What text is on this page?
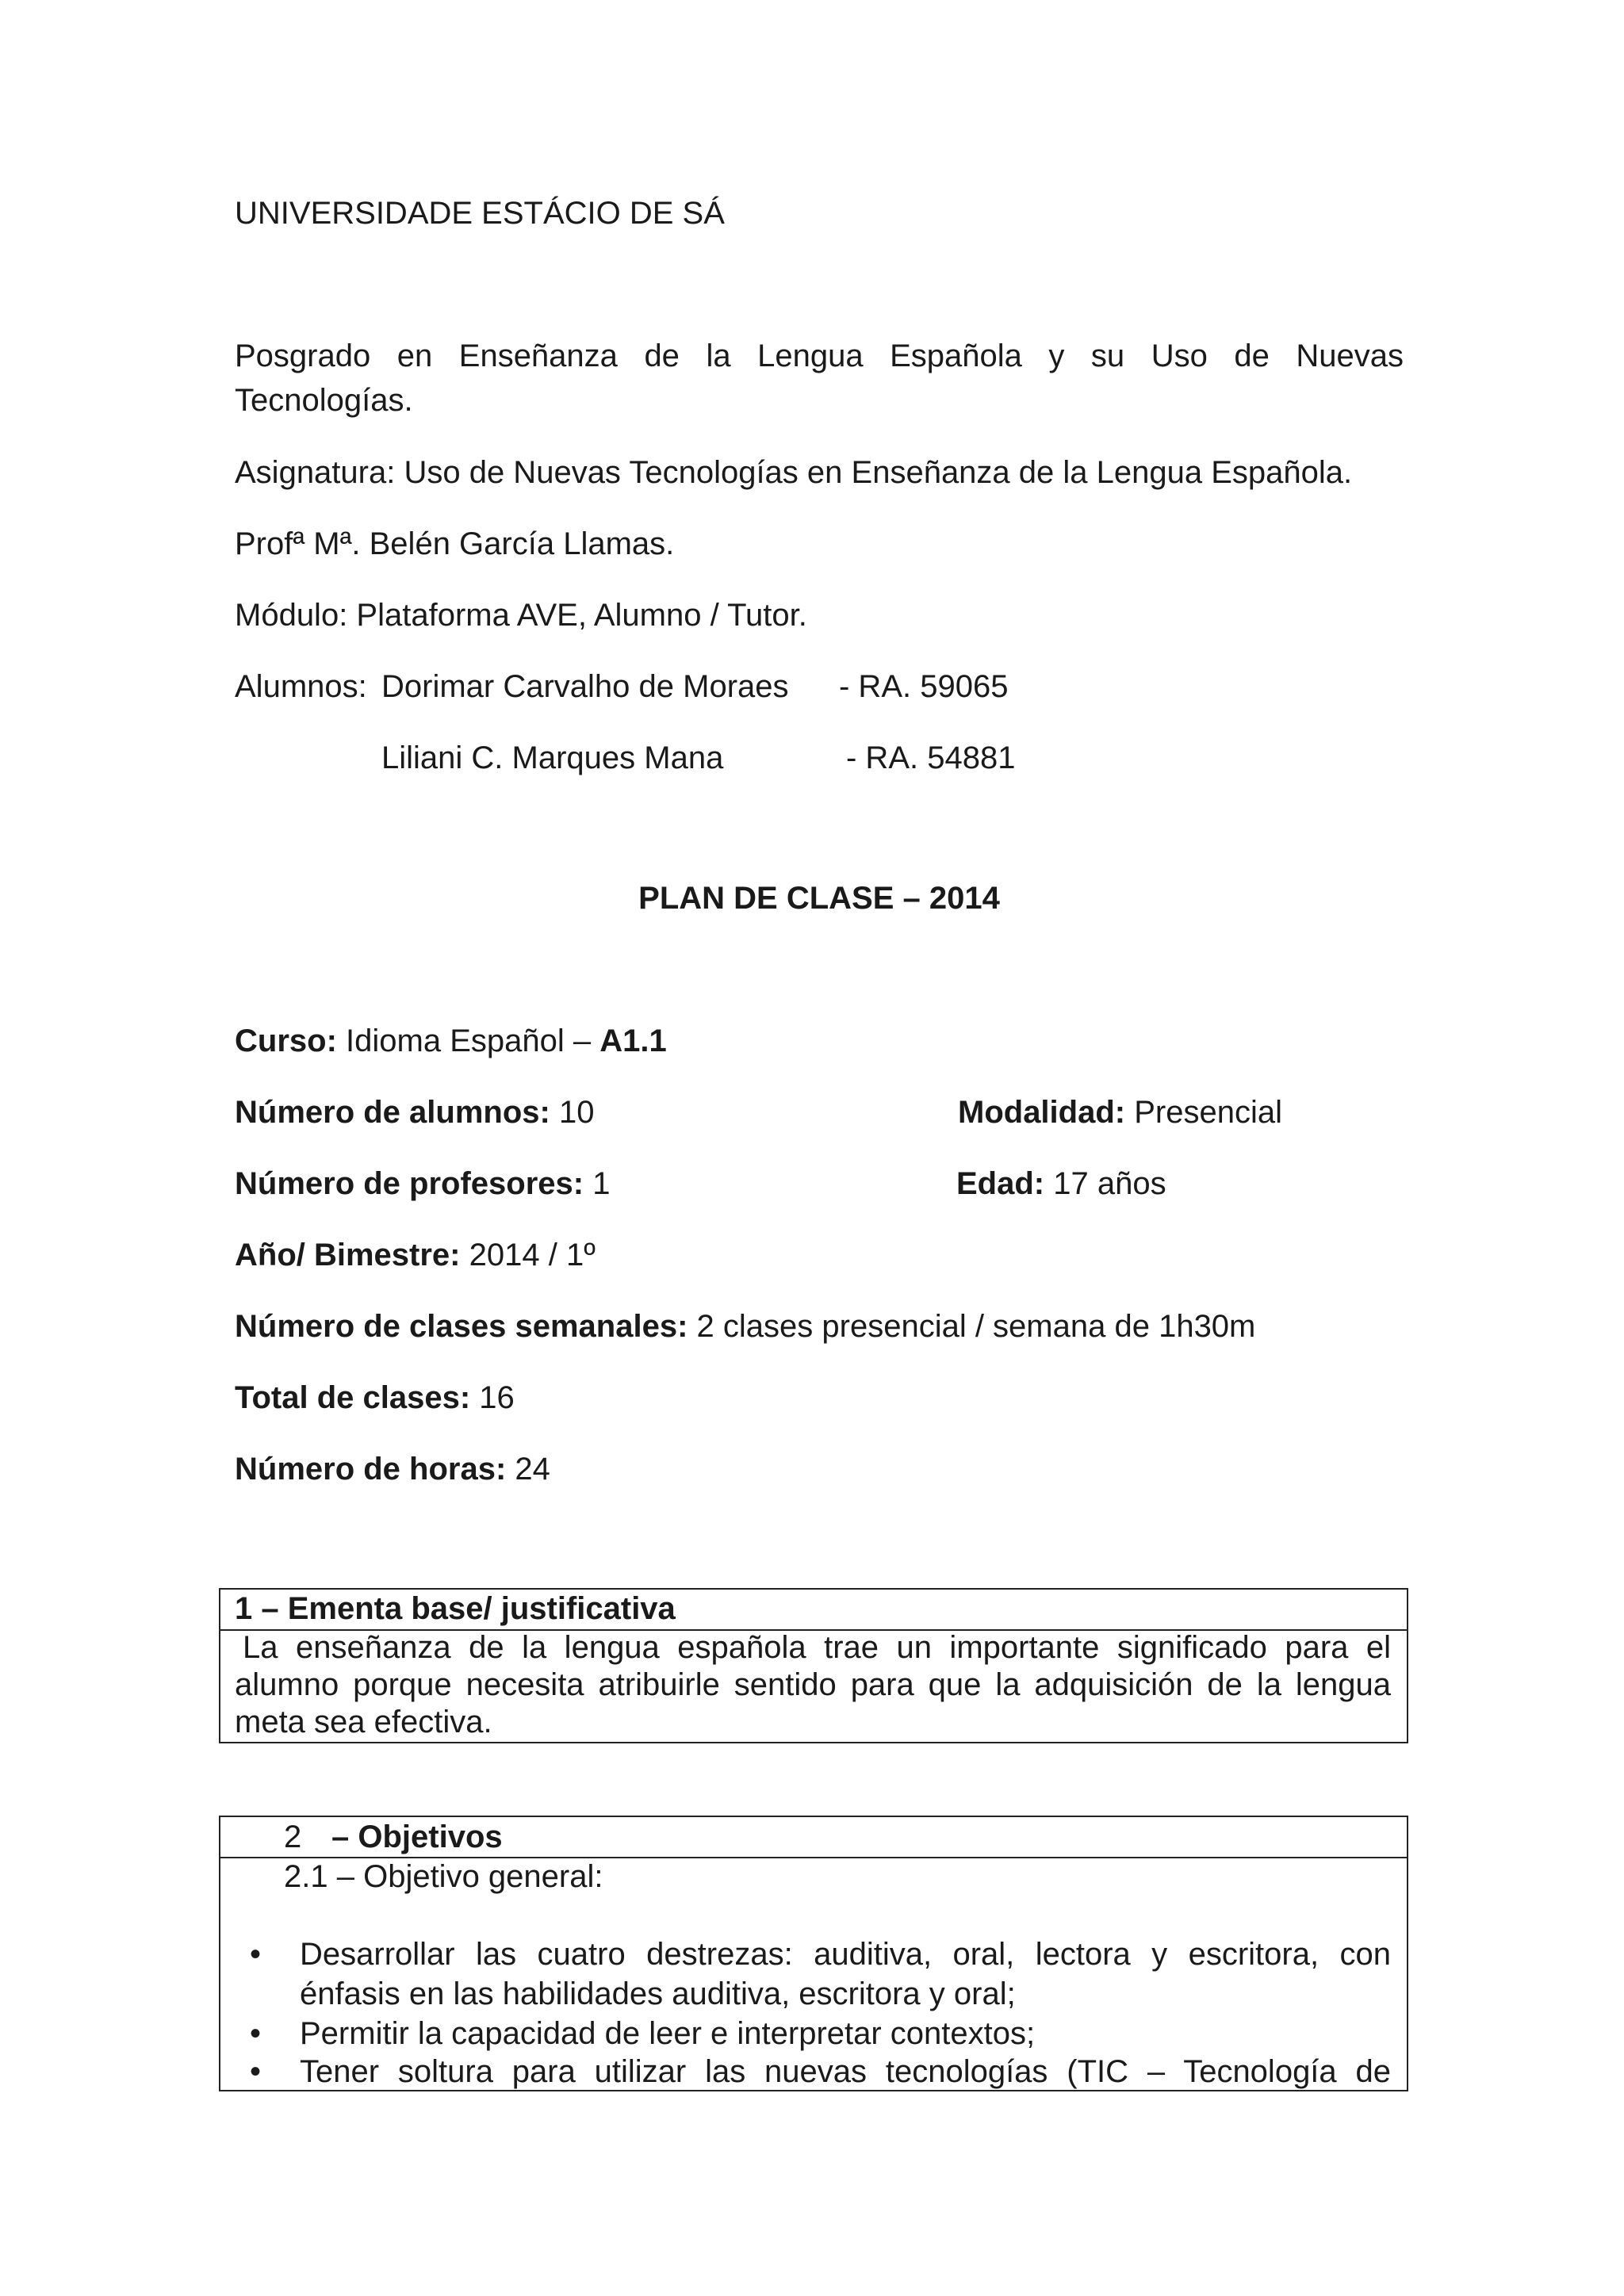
UNIVERSIDADE ESTÁCIO DE SÁ
Posgrado en Enseñanza de la Lengua Española y su Uso de Nuevas
Tecnologías.
Asignatura: Uso de Nuevas Tecnologías en Enseñanza de la Lengua Española.
Profª Mª. Belén García Llamas.
Módulo: Plataforma AVE, Alumno / Tutor.
Alumnos: Dorimar Carvalho de Moraes - RA. 59065
Liliani C. Marques Mana	- RA. 54881
PLAN DE CLASE – 2014
Curso: Idioma Español – A1.1
Número de alumnos: 10	Modalidad: Presencial
Número de profesores: 1	Edad: 17 años
Año/ Bimestre: 2014 / 1º
Número de clases semanales: 2 clases presencial / semana de 1h30m
Total de clases: 16
Número de horas: 24
1 – Ementa base/ justificativa
La enseñanza de la lengua española trae un importante significado para el
alumno porque necesita atribuirle sentido para que la adquisición de la lengua
meta sea efectiva.
2 – Objetivos
2.1 – Objetivo general:
• Desarrollar las cuatro destrezas: auditiva, oral, lectora y escritora, con
énfasis en las habilidades auditiva, escritora y oral;
• Permitir la capacidad de leer e interpretar contextos;
• Tener soltura para utilizar las nuevas tecnologías (TIC – Tecnología de
